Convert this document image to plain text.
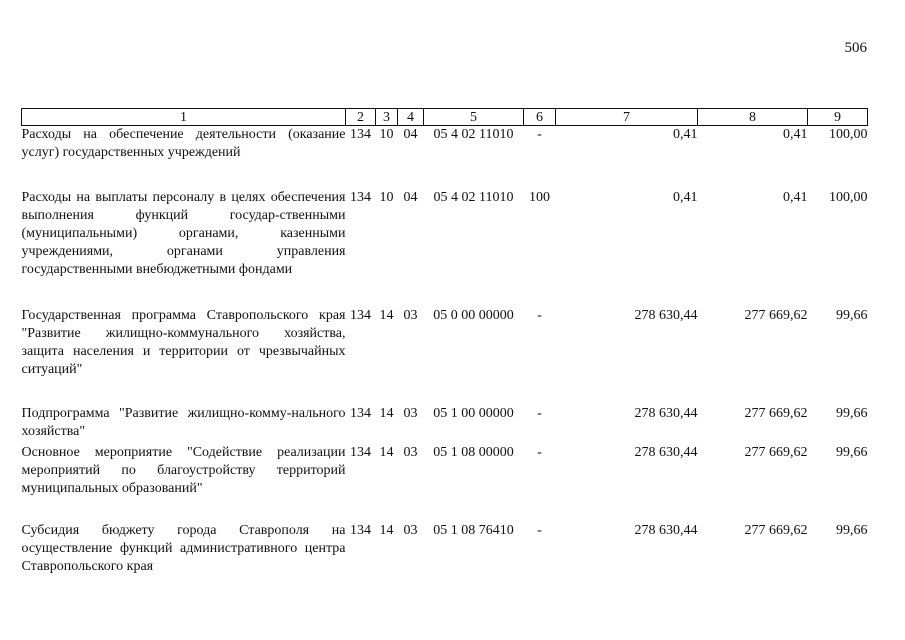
506
1	2	3	4	5	6	7	8	9
Расходы на обеспечение деятельности (оказание услуг) государственных учреждений	134	10	04	05 4 02 11010	-	0,41	0,41	100,00
Расходы на выплаты персоналу в целях обеспечения выполнения функций государ-ственными (муниципальными) органами, казенными учреждениями, органами управления государственными внебюджетными фондами	134	10	04	05 4 02 11010	100	0,41	0,41	100,00
Государственная программа Ставропольского края "Развитие жилищно-коммунального хозяйства, защита населения и территории от чрезвычайных ситуаций"	134	14	03	05 0 00 00000	-	278 630,44	277 669,62	99,66
Подпрограмма "Развитие жилищно-комму-нального хозяйства"	134	14	03	05 1 00 00000	-	278 630,44	277 669,62	99,66
Основное мероприятие "Содействие реализации мероприятий по благоустройству территорий муниципальных образований"	134	14	03	05 1 08 00000	-	278 630,44	277 669,62	99,66
Субсидия бюджету города Ставрополя на осуществление функций административного центра Ставропольского края	134	14	03	05 1 08 76410	-	278 630,44	277 669,62	99,66
